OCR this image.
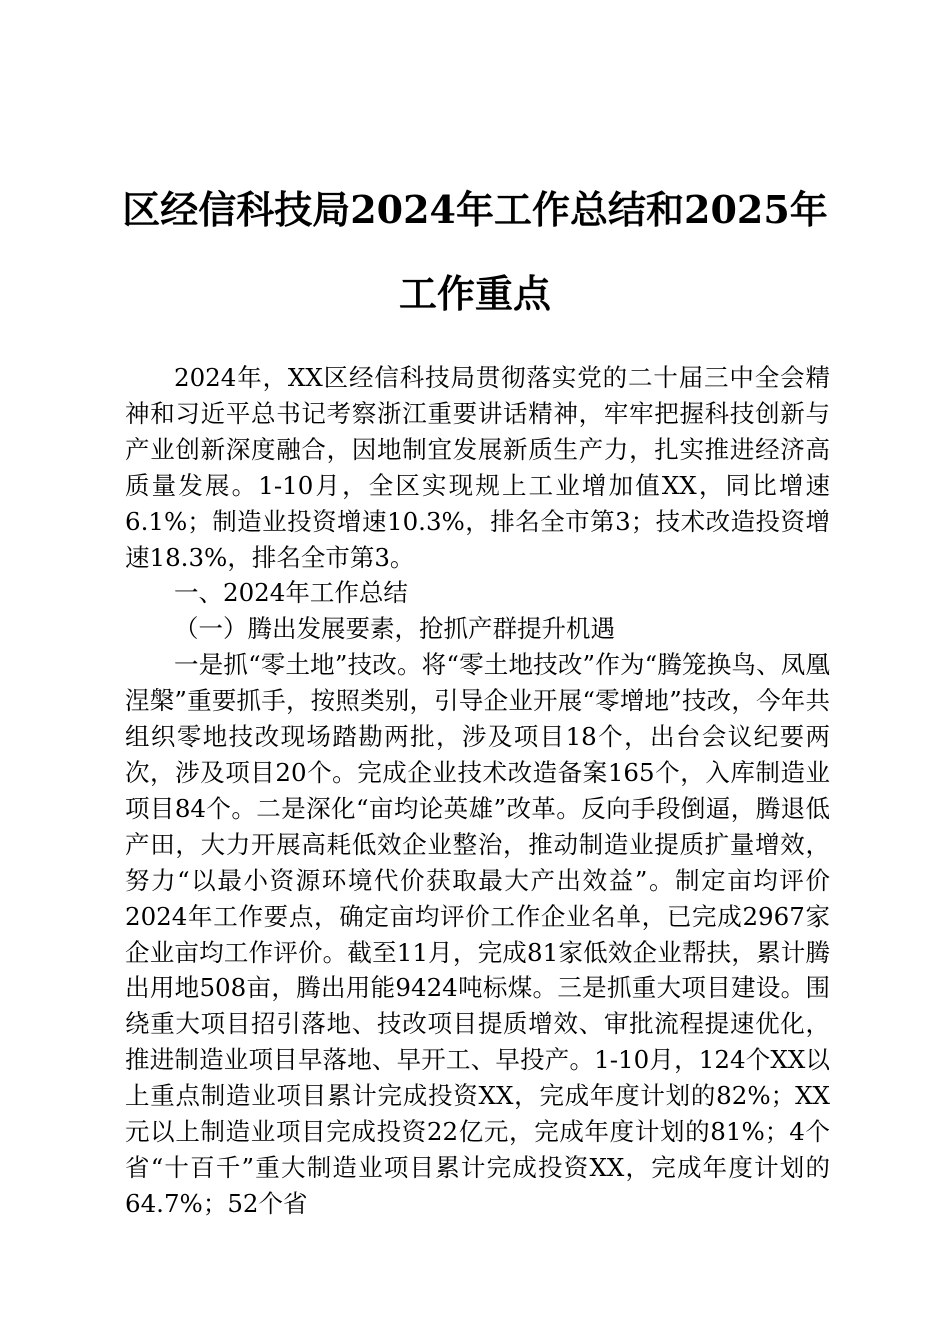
区经信科技局2024年工作总结和2025年工作重点

2024年，XX区经信科技局贯彻落实党的二十届三中全会精神和习近平总书记考察浙江重要讲话精神，牢牢把握科技创新与产业创新深度融合，因地制宜发展新质生产力，扎实推进经济高质量发展。1-10月，全区实现规上工业增加值XX，同比增速6.1%；制造业投资增速10.3%，排名全市第3；技术改造投资增速18.3%，排名全市第3。

一、2024年工作总结
（一）腾出发展要素，抢抓产群提升机遇

一是抓“零土地”技改。将“零土地技改”作为“腾笼换鸟、凤凰涅槃”重要抓手，按照类别，引导企业开展“零增地”技改，今年共组织零地技改现场踏勘两批，涉及项目18个，出台会议纪要两次，涉及项目20个。完成企业技术改造备案165个，入库制造业项目84个。二是深化“亩均论英雄”改革。反向手段倒逼，腾退低产田，大力开展高耗低效企业整治，推动制造业提质扩量增效，努力“以最小资源环境代价获取最大产出效益”。制定亩均评价2024年工作要点，确定亩均评价工作企业名单，已完成2967家企业亩均工作评价。截至11月，完成81家低效企业帮扶，累计腾出用地508亩，腾出用能9424吨标煤。三是抓重大项目建设。围绕重大项目招引落地、技改项目提质增效、审批流程提速优化，推进制造业项目早落地、早开工、早投产。1-10月，124个XX以上重点制造业项目累计完成投资XX，完成年度计划的82%；XX元以上制造业项目完成投资22亿元，完成年度计划的81%；4个省“十百千”重大制造业项目累计完成投资XX，完成年度计划的64.7%；52个省
